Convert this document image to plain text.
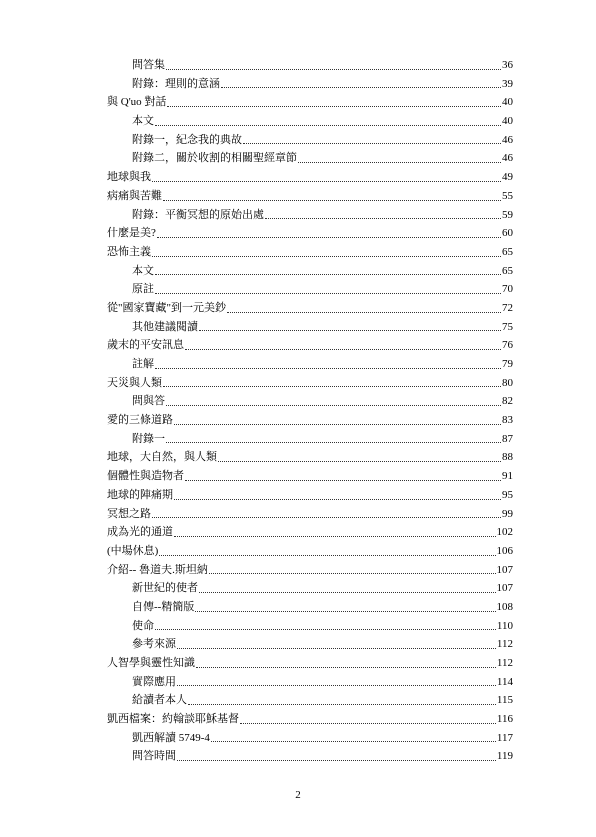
問答集	36
附錄：理則的意涵	39
與 Q'uo 對話	40
本文	40
附錄一，紀念我的典故	46
附錄二，關於收割的相關聖經章節	46
地球與我	49
病痛與苦難	55
附錄：平衡冥想的原始出處	59
什麼是美?	60
恐怖主義	65
本文	65
原註	70
從"國家寶藏"到一元美鈔	72
其他建議閱讀	75
歲末的平安訊息	76
註解	79
天災與人類	80
問與答	82
愛的三條道路	83
附錄一	87
地球，大自然，與人類	88
個體性與造物者	91
地球的陣痛期	95
冥想之路	99
成為光的通道	102
(中場休息)	106
介紹-- 魯道夫.斯坦納	107
新世紀的使者	107
自傳--精簡版	108
使命	110
參考來源	112
人智學與靈性知識	112
實際應用	114
給讀者本人	115
凱西檔案：約翰談耶穌基督	116
凱西解讀 5749-4	117
問答時間	119
2
